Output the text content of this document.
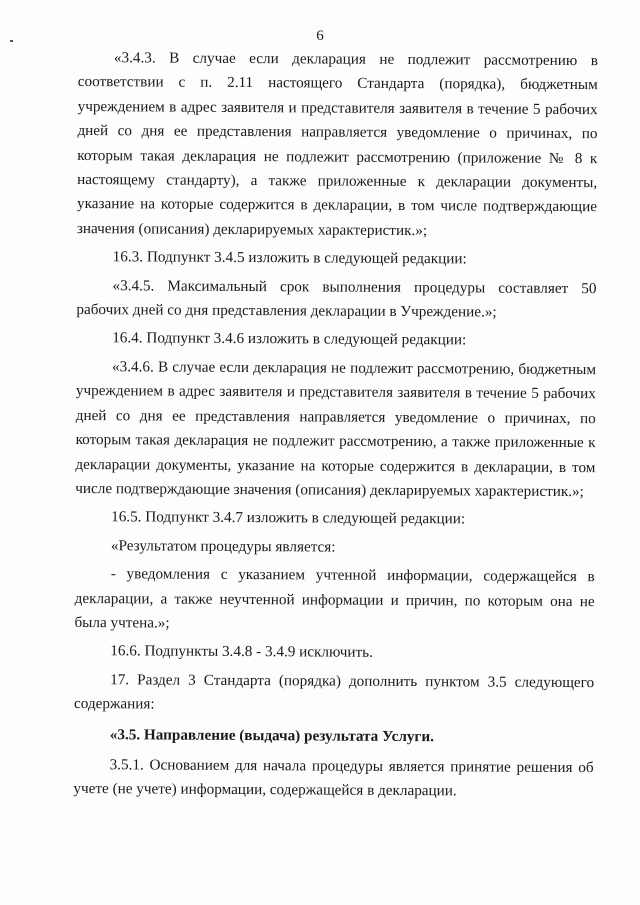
6

«3.4.3. В случае если декларация не подлежит рассмотрению в соответствии с п. 2.11 настоящего Стандарта (порядка), бюджетным учреждением в адрес заявителя и представителя заявителя в течение 5 рабочих дней со дня ее представления направляется уведомление о причинах, по которым такая декларация не подлежит рассмотрению (приложение № 8 к настоящему стандарту), а также приложенные к декларации документы, указание на которые содержится в декларации, в том числе подтверждающие значения (описания) декларируемых характеристик.»;

16.3. Подпункт 3.4.5 изложить в следующей редакции:

«3.4.5. Максимальный срок выполнения процедуры составляет 50 рабочих дней со дня представления декларации в Учреждение.»;

16.4. Подпункт 3.4.6 изложить в следующей редакции:

«3.4.6. В случае если декларация не подлежит рассмотрению, бюджетным учреждением в адрес заявителя и представителя заявителя в течение 5 рабочих дней со дня ее представления направляется уведомление о причинах, по которым такая декларация не подлежит рассмотрению, а также приложенные к декларации документы, указание на которые содержится в декларации, в том числе подтверждающие значения (описания) декларируемых характеристик.»;

16.5. Подпункт 3.4.7 изложить в следующей редакции:

«Результатом процедуры является:

- уведомления с указанием учтенной информации, содержащейся в декларации, а также неучтенной информации и причин, по которым она не была учтена.»;

16.6. Подпункты 3.4.8 - 3.4.9 исключить.

17. Раздел 3 Стандарта (порядка) дополнить пунктом 3.5 следующего содержания:

«3.5. Направление (выдача) результата Услуги.

3.5.1. Основанием для начала процедуры является принятие решения об учете (не учете) информации, содержащейся в декларации.
